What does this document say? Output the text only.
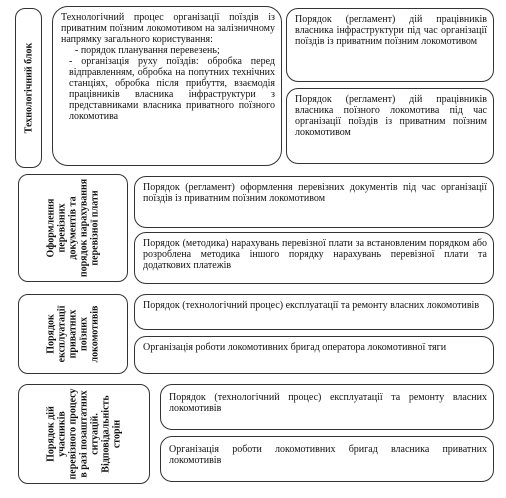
Технологічний блок
Технологічний процес організації поїздів із приватним поїзним локомотивом на залізничному напрямку загального користування:
- порядок планування перевезень;
- організація руху поїздів: обробка перед відправленням, обробка на попутних технічних станціях, обробка після прибуття, взаємодія працівників власника інфраструктури з представниками власника приватного поїзного локомотива
Порядок (регламент) дій працівників власника інфраструктури під час організації поїздів із приватним поїзним локомотивом
Порядок (регламент) дій працівників власника поїзного локомотива під час організації поїздів із приватним поїзним локомотивом
Оформлення перевізних документів та порядок нарахування перевізної плати
Порядок (регламент) оформлення перевізних документів під час організації поїздів із приватним поїзним локомотивом
Порядок (методика) нарахувань перевізної плати за встановленим порядком або розроблена методика іншого порядку нарахувань перевізної плати та додаткових платежів
Порядок експлуатації приватних поїзних локомотивів
Порядок (технологічний процес) експлуатації та ремонту власних локомотивів
Організація роботи локомотивних бригад оператора локомотивної тяги
Порядок дій учасників перевізного процесу в разі позаштатних ситуацій. Відповідальність сторін
Порядок (технологічний процес) експлуатації та ремонту власних локомотивів
Організація роботи локомотивних бригад власника приватних локомотивів
